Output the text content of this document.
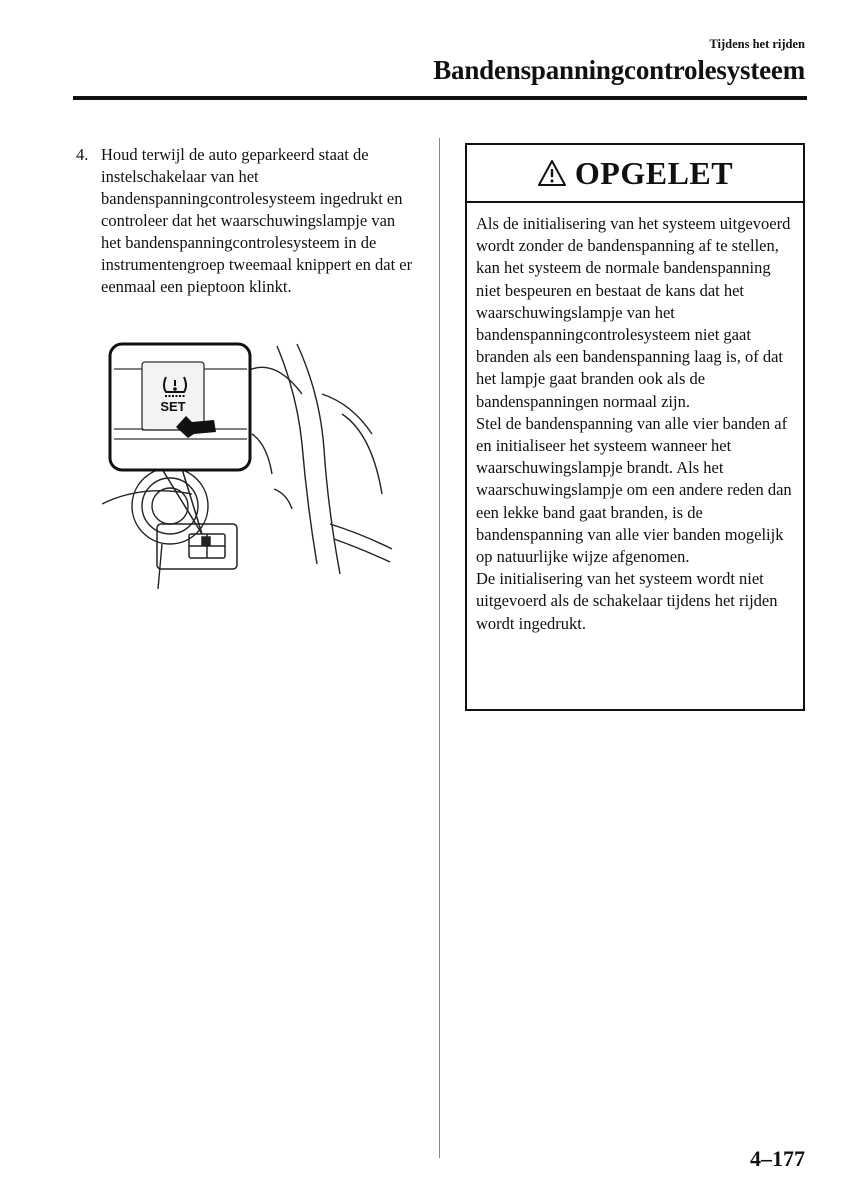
Tijdens het rijden
Bandenspanningcontrolesysteem
4. Houd terwijl de auto geparkeerd staat de instelschakelaar van het bandenspanningcontrolesysteem ingedrukt en controleer dat het waarschuwingslampje van het bandenspanningcontrolesysteem in de instrumentengroep tweemaal knippert en dat er eenmaal een pieptoon klinkt.
SET
OPGELET

Als de initialisering van het systeem uitgevoerd wordt zonder de bandenspanning af te stellen, kan het systeem de normale bandenspanning niet bespeuren en bestaat de kans dat het waarschuwingslampje van het bandenspanningcontrolesysteem niet gaat branden als een bandenspanning laag is, of dat het lampje gaat branden ook als de bandenspanningen normaal zijn.

Stel de bandenspanning van alle vier banden af en initialiseer het systeem wanneer het waarschuwingslampje brandt. Als het waarschuwingslampje om een andere reden dan een lekke band gaat branden, is de bandenspanning van alle vier banden mogelijk op natuurlijke wijze afgenomen.

De initialisering van het systeem wordt niet uitgevoerd als de schakelaar tijdens het rijden wordt ingedrukt.

4–177
